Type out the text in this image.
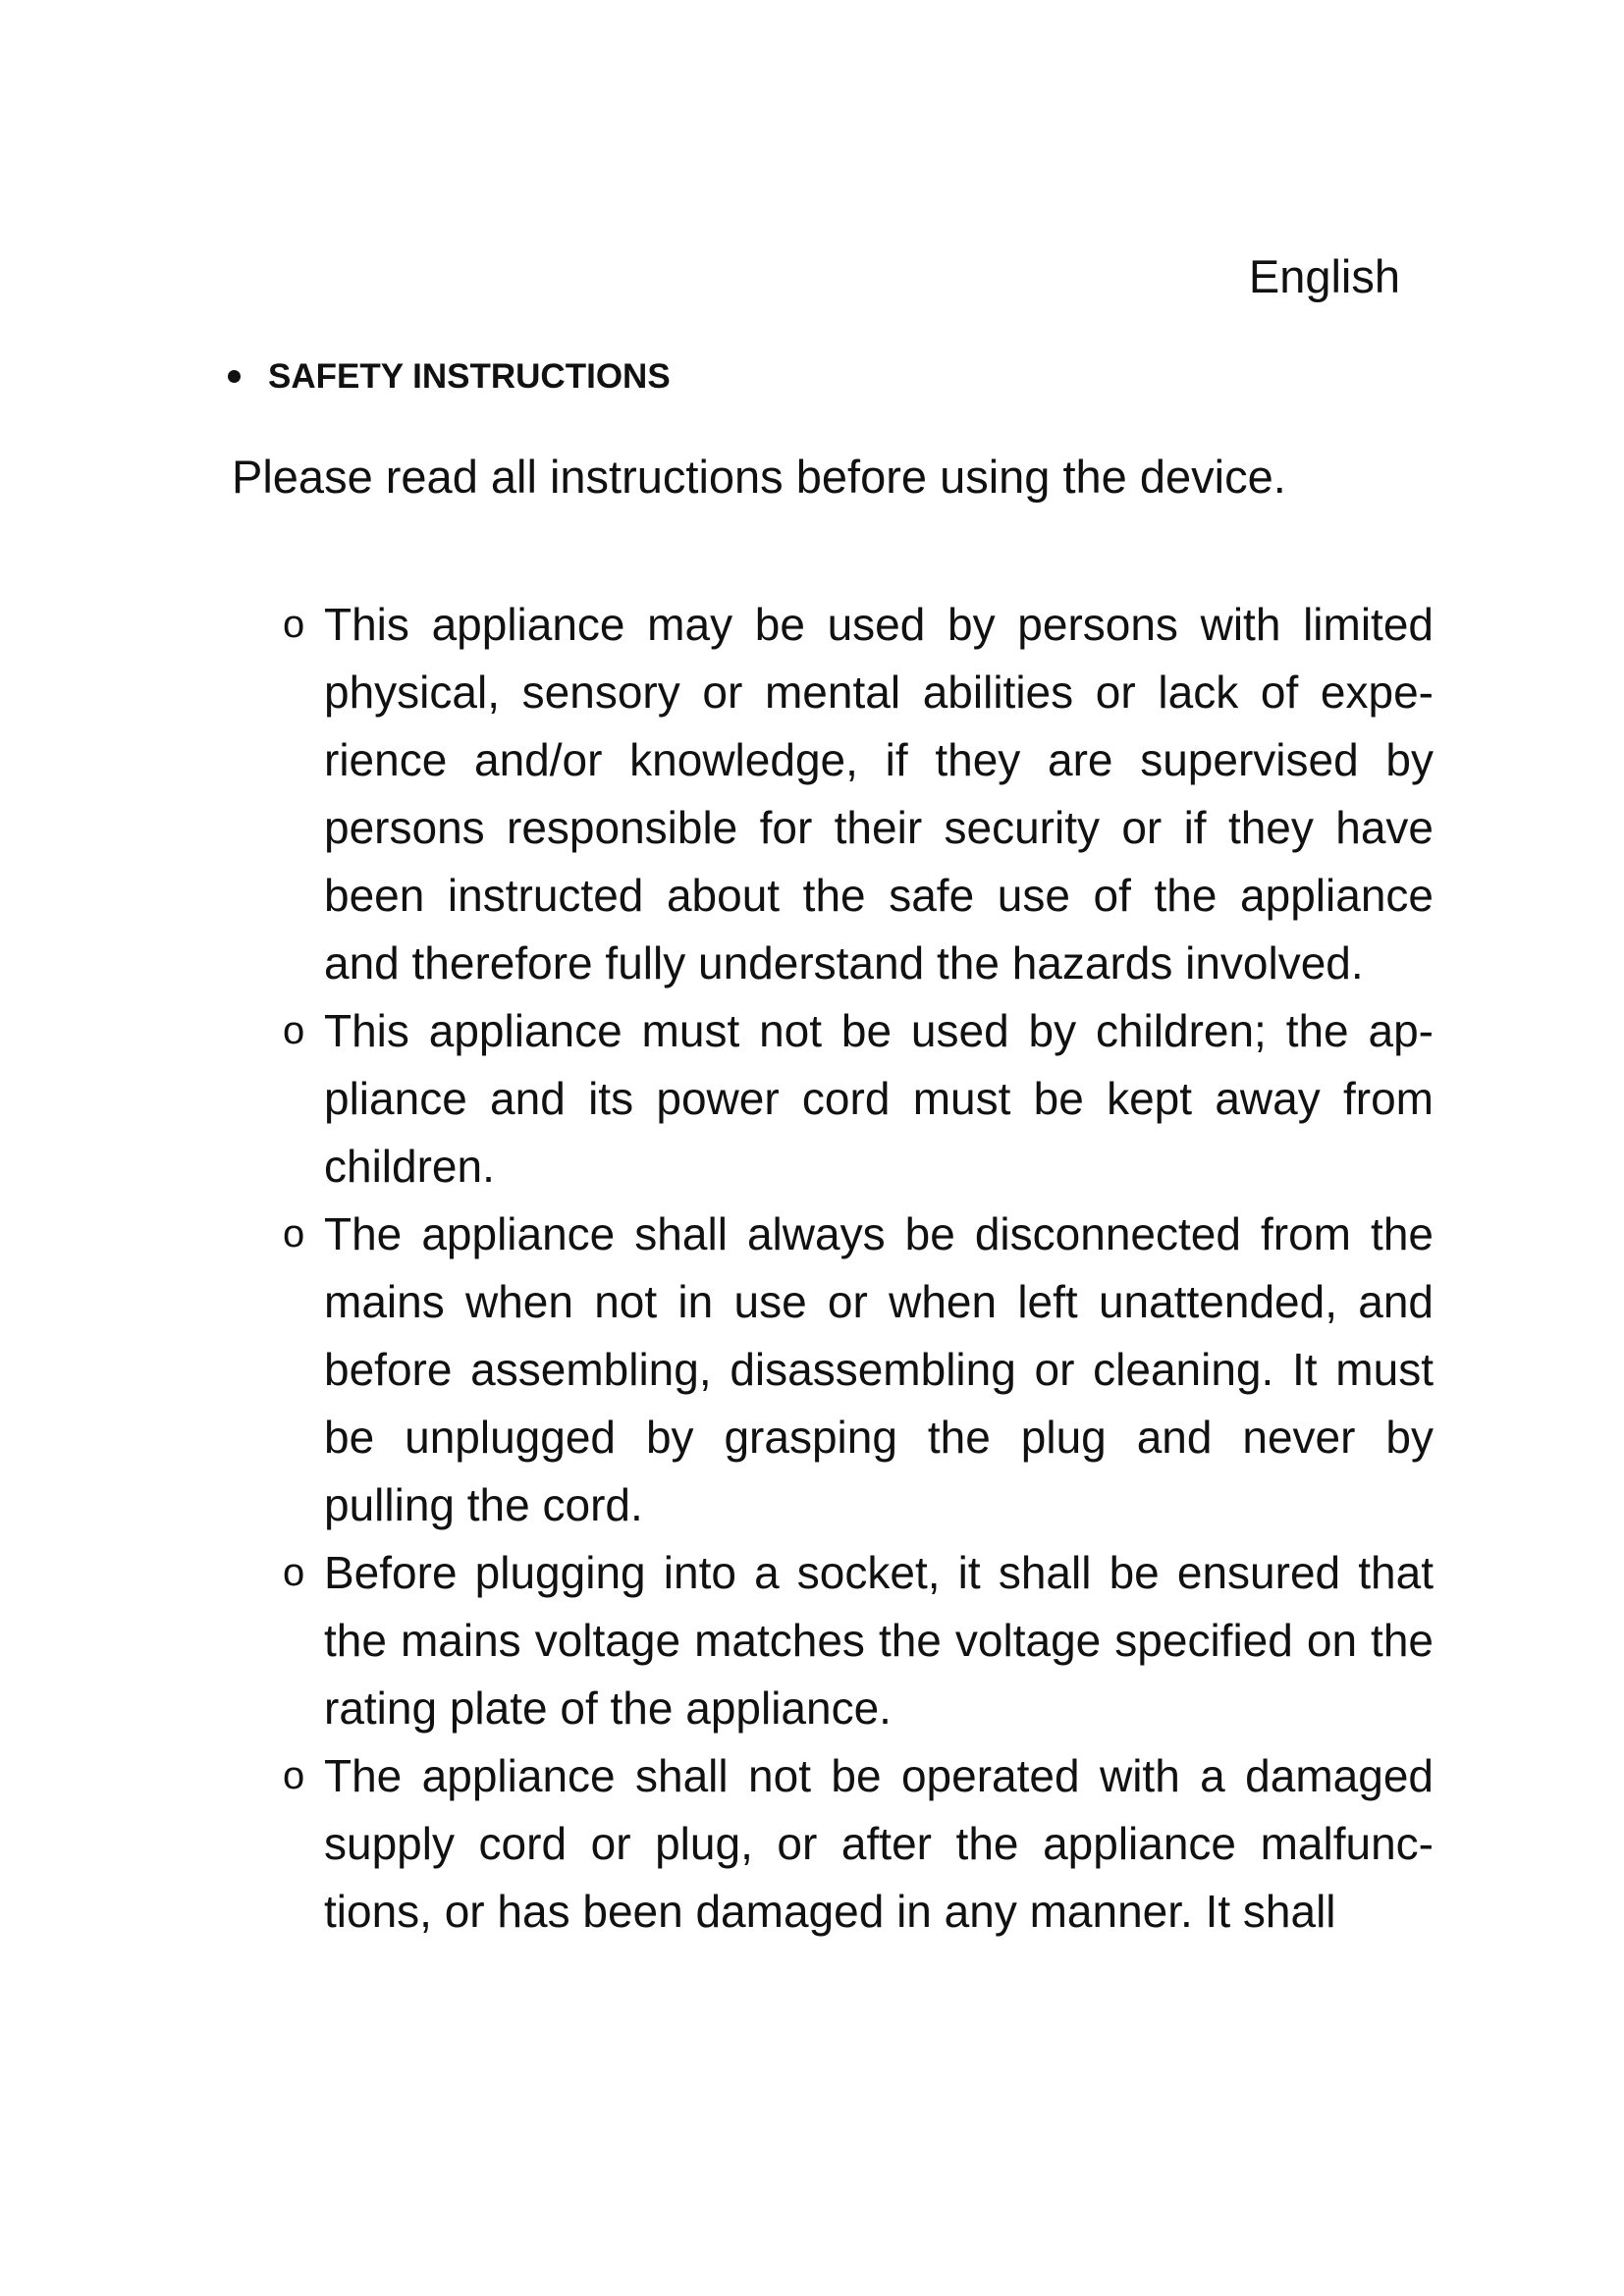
English

SAFETY INSTRUCTIONS

Please read all instructions before using the device.

o This appliance may be used by persons with limited physical, sensory or mental abilities or lack of experience and/or knowledge, if they are supervised by persons responsible for their security or if they have been instructed about the safe use of the appliance and therefore fully understand the hazards involved.
o This appliance must not be used by children; the appliance and its power cord must be kept away from children.
o The appliance shall always be disconnected from the mains when not in use or when left unattended, and before assembling, disassembling or cleaning. It must be unplugged by grasping the plug and never by pulling the cord.
o Before plugging into a socket, it shall be ensured that the mains voltage matches the voltage specified on the rating plate of the appliance.
o The appliance shall not be operated with a damaged supply cord or plug, or after the appliance malfunctions, or has been damaged in any manner. It shall
